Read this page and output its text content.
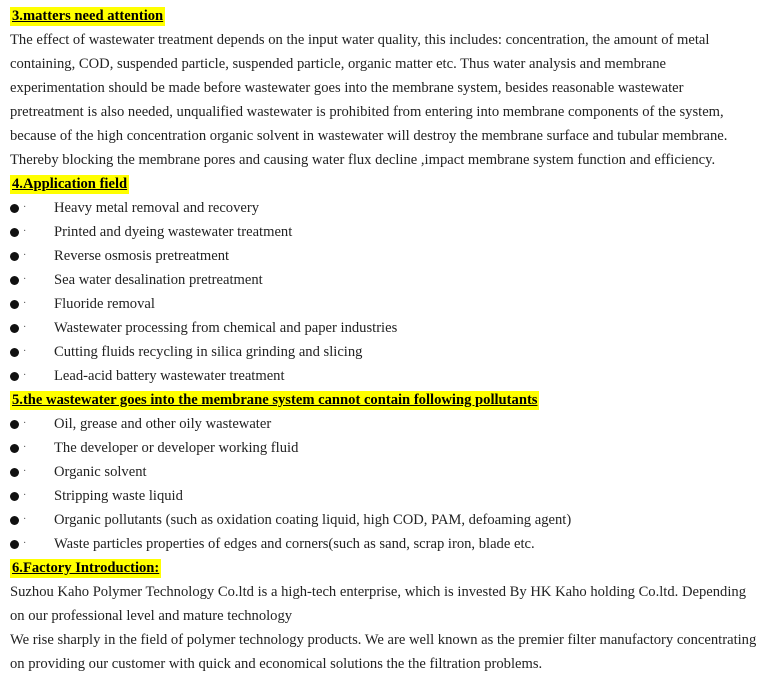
3.matters need attention
The effect of wastewater treatment depends on the input water quality, this includes: concentration, the amount of metal
containing, COD, suspended particle, suspended particle, organic matter etc. Thus water analysis and membrane
experimentation should be made before wastewater goes into the membrane system, besides reasonable wastewater
pretreatment is also needed, unqualified wastewater is prohibited from entering into membrane components of the system,
because of the high concentration organic solvent in wastewater will destroy the membrane surface and tubular membrane.
Thereby blocking the membrane pores and causing water flux decline ,impact membrane system function and efficiency.
4.Application field
· Heavy metal removal and recovery
· Printed and dyeing wastewater treatment
· Reverse osmosis pretreatment
· Sea water desalination pretreatment
· Fluoride removal
· Wastewater processing from chemical and paper industries
· Cutting fluids recycling in silica grinding and slicing
· Lead-acid battery wastewater treatment
5.the wastewater goes into the membrane system cannot contain following pollutants
· Oil, grease and other oily wastewater
· The developer or developer working fluid
· Organic solvent
· Stripping waste liquid
· Organic pollutants (such as oxidation coating liquid, high COD, PAM, defoaming agent)
· Waste particles properties of edges and corners(such as sand, scrap iron, blade etc.
6.Factory Introduction:
Suzhou Kaho Polymer Technology Co.ltd is a high-tech enterprise, which is invested By HK Kaho holding Co.ltd. Depending
on our professional level and mature technology
We rise sharply in the field of polymer technology products. We are well known as the premier filter manufactory concentrating
on providing our customer with quick and economical solutions the the filtration problems.
